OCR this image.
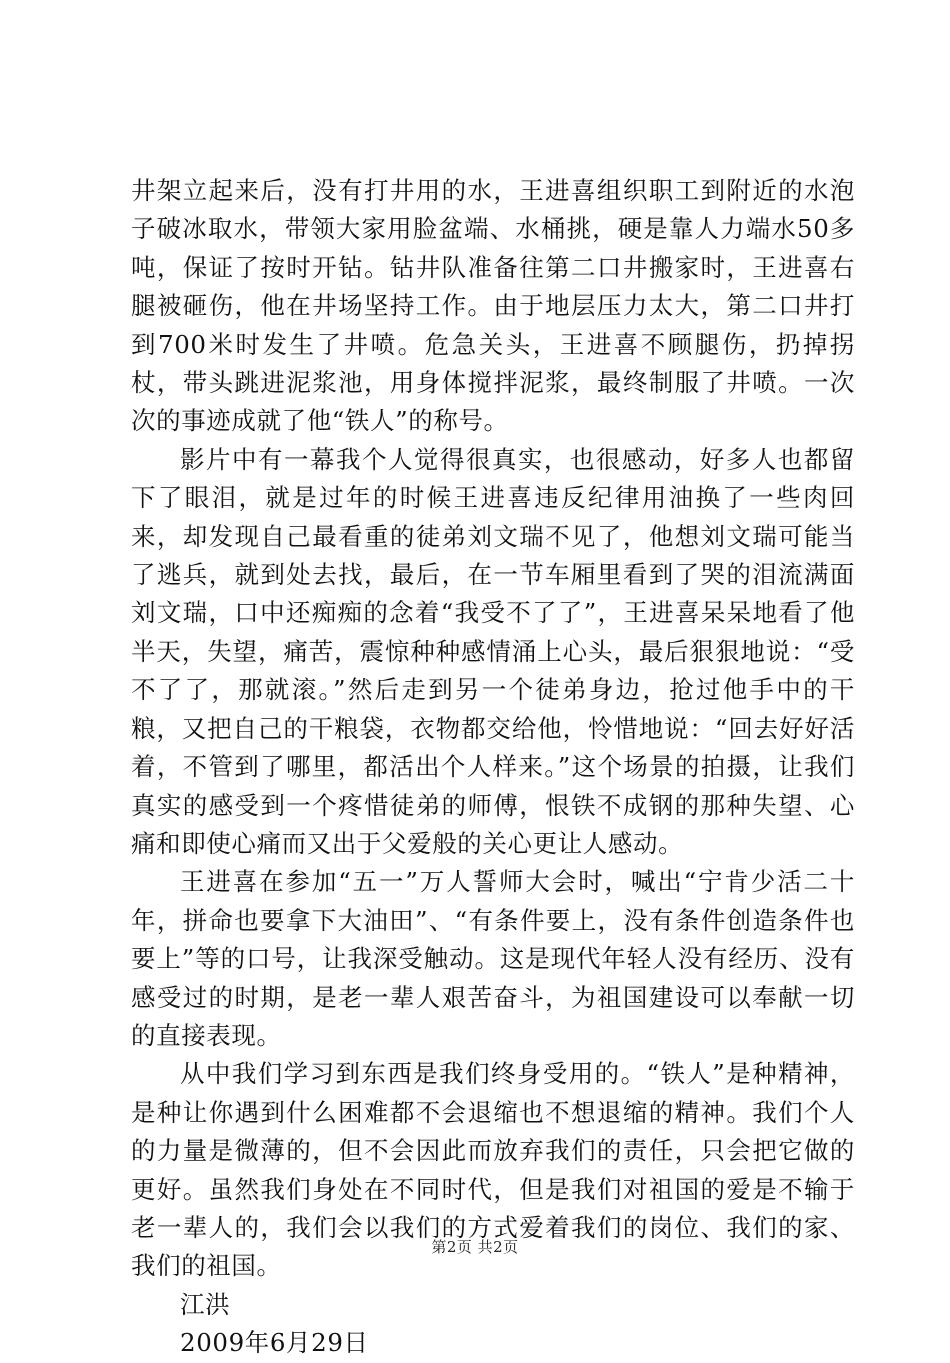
井架立起来后，没有打井用的水，王进喜组织职工到附近的水泡子破冰取水，带领大家用脸盆端、水桶挑，硬是靠人力端水50多吨，保证了按时开钻。钻井队准备往第二口井搬家时，王进喜右腿被砸伤，他在井场坚持工作。由于地层压力太大，第二口井打到700米时发生了井喷。危急关头，王进喜不顾腿伤，扔掉拐杖，带头跳进泥浆池，用身体搅拌泥浆，最终制服了井喷。一次次的事迹成就了他“铁人”的称号。

影片中有一幕我个人觉得很真实，也很感动，好多人也都留下了眼泪，就是过年的时候王进喜违反纪律用油换了一些肉回来，却发现自己最看重的徒弟刘文瑞不见了，他想刘文瑞可能当了逃兵，就到处去找，最后，在一节车厢里看到了哭的泪流满面刘文瑞，口中还痴痴的念着“我受不了了”，王进喜呆呆地看了他半天，失望，痛苦，震惊种种感情涌上心头，最后狠狠地说：“受不了了，那就滚。”然后走到另一个徒弟身边，抢过他手中的干粮，又把自己的干粮袋，衣物都交给他，怜惜地说：“回去好好活着，不管到了哪里，都活出个人样来。”这个场景的拍摄，让我们真实的感受到一个疼惜徒弟的师傅，恨铁不成钢的那种失望、心痛和即使心痛而又出于父爱般的关心更让人感动。

王进喜在参加“五一”万人誓师大会时，喊出“宁肯少活二十年，拼命也要拿下大油田”、“有条件要上，没有条件创造条件也要上”等的口号，让我深受触动。这是现代年轻人没有经历、没有感受过的时期，是老一辈人艰苦奋斗，为祖国建设可以奉献一切的直接表现。

从中我们学习到东西是我们终身受用的。“铁人”是种精神，是种让你遇到什么困难都不会退缩也不想退缩的精神。我们个人的力量是微薄的，但不会因此而放弃我们的责任，只会把它做的更好。虽然我们身处在不同时代，但是我们对祖国的爱是不输于老一辈人的，我们会以我们的方式爱着我们的岗位、我们的家、我们的祖国。

江洪

2009年6月29日

第2页 共2页
